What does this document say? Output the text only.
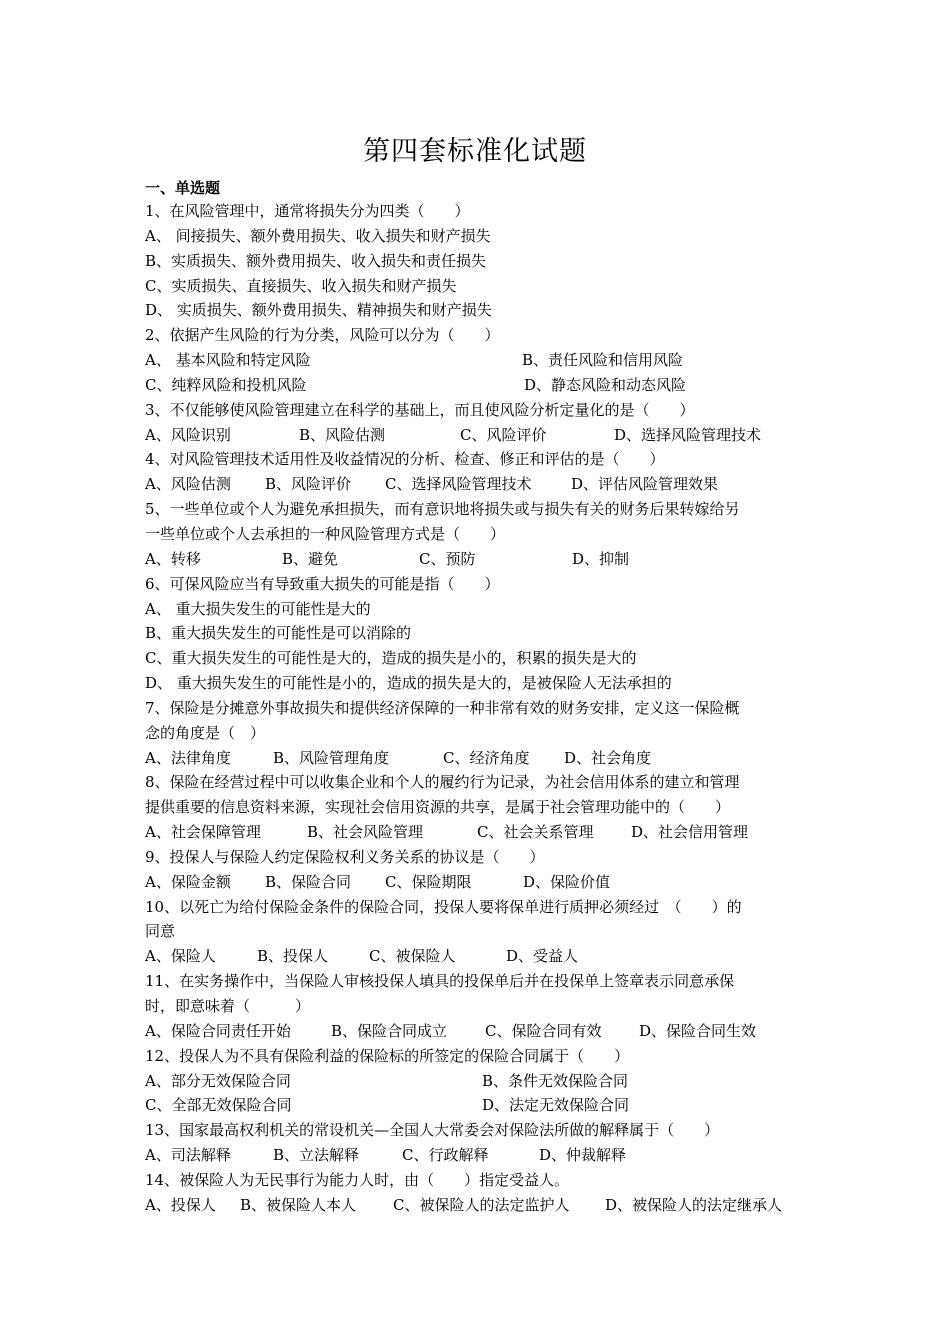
第四套标准化试题
一、单选题
1、在风险管理中，通常将损失分为四类（　　）
A、 间接损失、额外费用损失、收入损失和财产损失
B、实质损失、额外费用损失、收入损失和责任损失
C、实质损失、直接损失、收入损失和财产损失
D、 实质损失、额外费用损失、精神损失和财产损失
2、依据产生风险的行为分类，风险可以分为（　　）
A、 基本风险和特定风险	B、责任风险和信用风险
C、纯粹风险和投机风险	D、静态风险和动态风险
3、不仅能够使风险管理建立在科学的基础上，而且使风险分析定量化的是（　　）
A、风险识别	B、风险估测	C、风险评价	D、选择风险管理技术
4、对风险管理技术适用性及收益情况的分析、检查、修正和评估的是（　　）
A、风险估测	B、风险评价	C、选择风险管理技术	D、评估风险管理效果
5、一些单位或个人为避免承担损失，而有意识地将损失或与损失有关的财务后果转嫁给另
一些单位或个人去承担的一种风险管理方式是（　　）
A、转移	B、避免	C、预防	D、抑制
6、可保风险应当有导致重大损失的可能是指（　　）
A、 重大损失发生的可能性是大的
B、重大损失发生的可能性是可以消除的
C、重大损失发生的可能性是大的，造成的损失是小的，积累的损失是大的
D、 重大损失发生的可能性是小的，造成的损失是大的，是被保险人无法承担的
7、保险是分摊意外事故损失和提供经济保障的一种非常有效的财务安排，定义这一保险概
念的角度是（　）
A、法律角度	B、风险管理角度	C、经济角度	D、社会角度
8、保险在经营过程中可以收集企业和个人的履约行为记录，为社会信用体系的建立和管理
提供重要的信息资料来源，实现社会信用资源的共享，是属于社会管理功能中的（　　）
A、社会保障管理	B、社会风险管理	C、社会关系管理	D、社会信用管理
9、投保人与保险人约定保险权利义务关系的协议是（　　）
A、保险金额	B、保险合同	C、保险期限	D、保险价值
10、以死亡为给付保险金条件的保险合同，投保人要将保单进行质押必须经过　（　　）的
同意
A、保险人	B、投保人	C、被保险人	D、受益人
11、在实务操作中，当保险人审核投保人填具的投保单后并在投保单上签章表示同意承保
时，即意味着（　　　）
A、保险合同责任开始	B、保险合同成立	C、保险合同有效	D、保险合同生效
12、投保人为不具有保险利益的保险标的所签定的保险合同属于（　　）
A、部分无效保险合同	B、条件无效保险合同
C、全部无效保险合同	D、法定无效保险合同
13、国家最高权利机关的常设机关—全国人大常委会对保险法所做的解释属于（　　）
A、司法解释	B、立法解释	C、行政解释	D、仲裁解释
14、被保险人为无民事行为能力人时，由（　　）指定受益人。
A、投保人	B、被保险人本人	C、被保险人的法定监护人	D、被保险人的法定继承人
